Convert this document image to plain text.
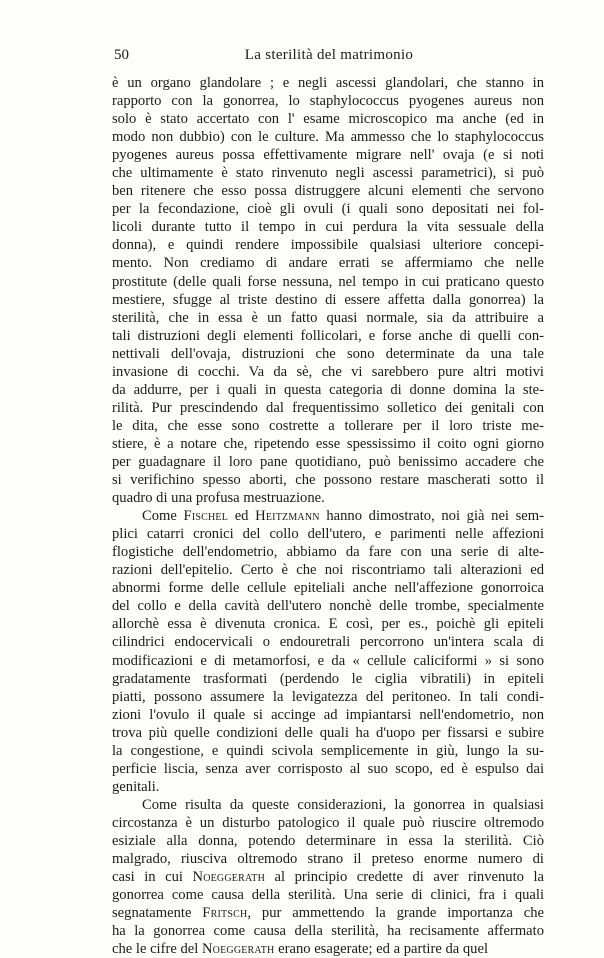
50	La sterilità del matrimonio
è un organo glandolare ; e negli ascessi glandolari, che stanno in
rapporto con la gonorrea, lo staphylococcus pyogenes aureus non
solo è stato accertato con l' esame microscopico ma anche (ed in
modo non dubbio) con le culture. Ma ammesso che lo staphylococcus
pyogenes aureus possa effettivamente migrare nell' ovaja (e si noti
che ultimamente è stato rinvenuto negli ascessi parametrici), si può
ben ritenere che esso possa distruggere alcuni elementi che servono
per la fecondazione, cioè gli ovuli (i quali sono depositati nei fol-
licoli durante tutto il tempo in cui perdura la vita sessuale della
donna), e quindi rendere impossibile qualsiasi ulteriore concepi-
mento. Non crediamo di andare errati se affermiamo che nelle
prostitute (delle quali forse nessuna, nel tempo in cui praticano questo
mestiere, sfugge al triste destino di essere affetta dalla gonorrea) la
sterilità, che in essa è un fatto quasi normale, sia da attribuire a
tali distruzioni degli elementi follicolari, e forse anche di quelli con-
nettivali dell'ovaja, distruzioni che sono determinate da una tale
invasione di cocchi. Va da sè, che vi sarebbero pure altri motivi
da addurre, per i quali in questa categoria di donne domina la ste-
rilità. Pur prescindendo dal frequentissimo solletico dei genitali con
le dita, che esse sono costrette a tollerare per il loro triste me-
stiere, è a notare che, ripetendo esse spessissimo il coito ogni giorno
per guadagnare il loro pane quotidiano, può benissimo accadere che
si verifichino spesso aborti, che possono restare mascherati sotto il
quadro di una profusa mestruazione.
Come Fischel ed Heitzmann hanno dimostrato, noi già nei sem-
plici catarri cronici del collo dell'utero, e parimenti nelle affezioni
flogistiche dell'endometrio, abbiamo da fare con una serie di alte-
razioni dell'epitelio. Certo è che noi riscontriamo tali alterazioni ed
abnormi forme delle cellule epiteliali anche nell'affezione gonorroica
del collo e della cavità dell'utero nonchè delle trombe, specialmente
allorchè essa è divenuta cronica. E così, per es., poichè gli epiteli
cilindrici endocervicali o endouretrali percorrono un'intera scala di
modificazioni e di metamorfosi, e da « cellule caliciformi » si sono
gradatamente trasformati (perdendo le ciglia vibratili) in epiteli
piatti, possono assumere la levigatezza del peritoneo. In tali condi-
zioni l'ovulo il quale si accinge ad impiantarsi nell'endometrio, non
trova più quelle condizioni delle quali ha d'uopo per fissarsi e subire
la congestione, e quindi scivola semplicemente in giù, lungo la su-
perficie liscia, senza aver corrisposto al suo scopo, ed è espulso dai
genitali.
Come risulta da queste considerazioni, la gonorrea in qualsiasi
circostanza è un disturbo patologico il quale può riuscire oltremodo
esiziale alla donna, potendo determinare in essa la sterilità. Ciò
malgrado, riusciva oltremodo strano il preteso enorme numero di
casi in cui Noeggerath al principio credette di aver rinvenuto la
gonorrea come causa della sterilità. Una serie di clinici, fra i quali
segnatamente Fritsch, pur ammettendo la grande importanza che
ha la gonorrea come causa della sterilità, ha recisamente affermato
che le cifre del Noeggerath erano esagerate; ed a partire da quel
